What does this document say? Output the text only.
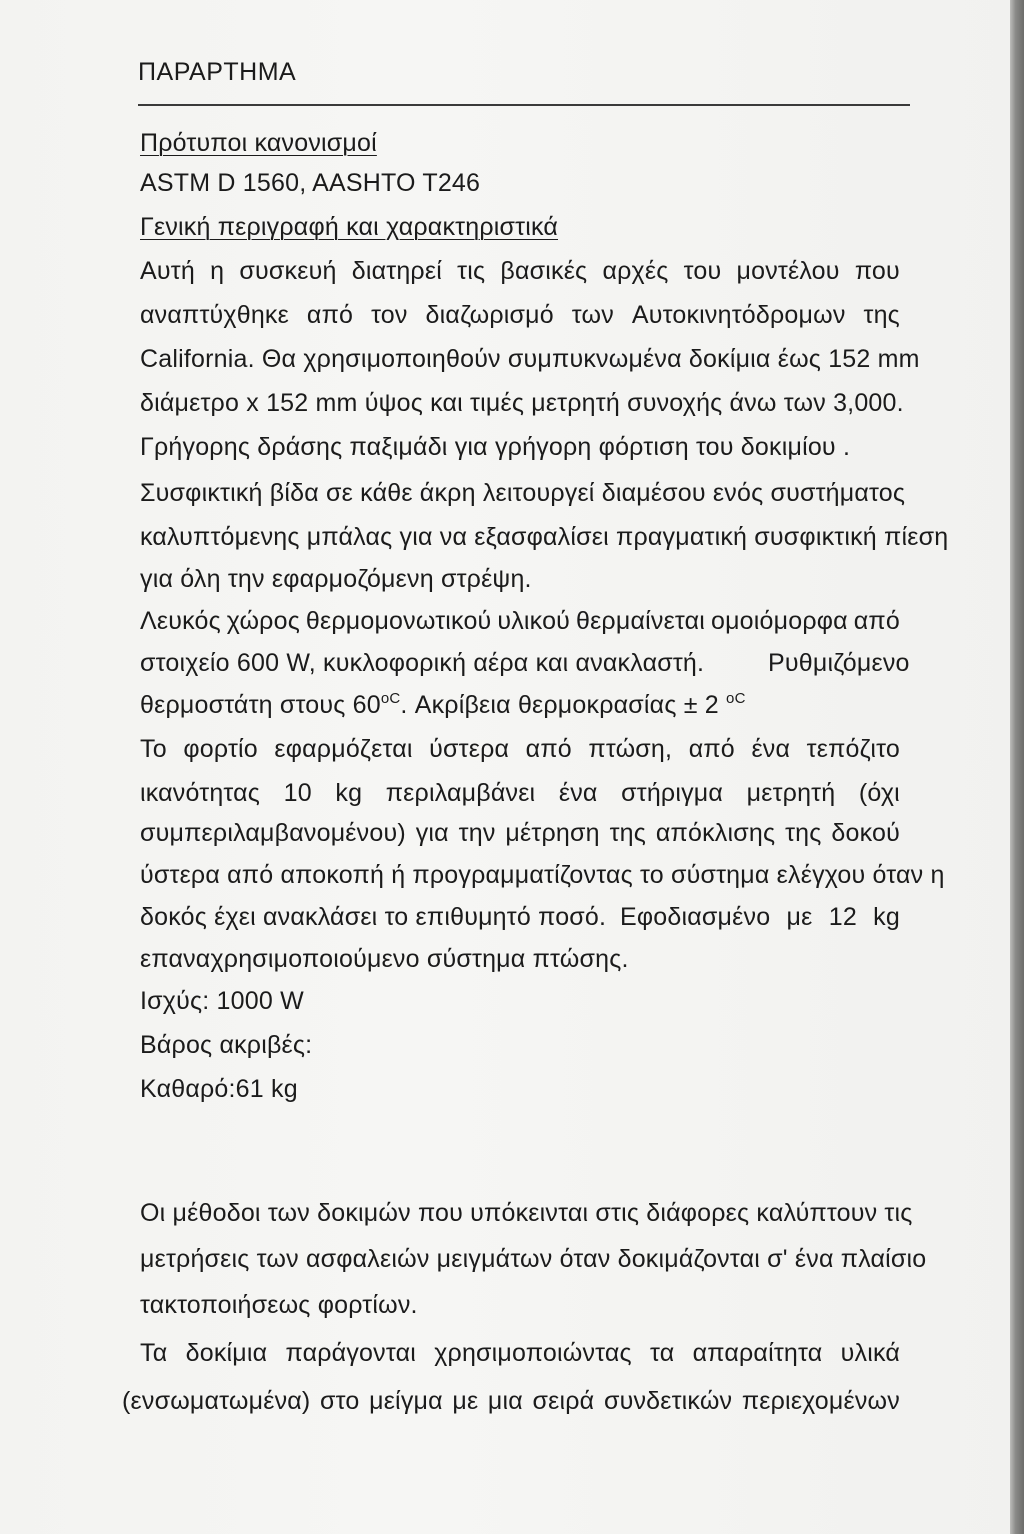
ΠΑΡΑΡΤΗΜΑ
Πρότυποι κανονισμοί
ASTM D 1560, AASHTO T246
Γενική περιγραφή και χαρακτηριστικά
Αυτή η συσκευή διατηρεί τις βασικές αρχές του μοντέλου που
αναπτύχθηκε από τον διαζωρισμό των Αυτοκινητόδρομων της
California. Θα χρησιμοποιηθούν συμπυκνωμένα δοκίμια έως 152 mm
διάμετρο x 152 mm ύψος και τιμές μετρητή συνοχής άνω των 3,000.
Γρήγορης δράσης παξιμάδι για γρήγορη φόρτιση του δοκιμίου .
Συσφικτική βίδα σε κάθε άκρη λειτουργεί διαμέσου ενός συστήματος
καλυπτόμενης μπάλας για να εξασφαλίσει πραγματική συσφικτική πίεση
για όλη την εφαρμοζόμενη στρέψη.
Λευκός χώρος θερμομονωτικού υλικού θερμαίνεται ομοιόμορφα από
στοιχείο 600 W, κυκλοφορική αέρα και ανακλαστή.	Ρυθμιζόμενο
θερμοστάτη στους $60^{oC}$. Ακρίβεια θερμοκρασίας ± 2 $^{oC}$
Το φορτίο εφαρμόζεται ύστερα από πτώση, από ένα τεπόζιτο
ικανότητας 10 kg περιλαμβάνει ένα στήριγμα μετρητή (όχι
συμπεριλαμβανομένου) για την μέτρηση της απόκλισης της δοκού
ύστερα από αποκοπή ή προγραμματίζοντας το σύστημα ελέγχου όταν η
δοκός έχει ανακλάσει το επιθυμητό ποσό. Εφοδιασμένο με 12 kg
επαναχρησιμοποιούμενο σύστημα πτώσης.
Ισχύς: 1000 W
Βάρος ακριβές:
Καθαρό:61 kg
Οι μέθοδοι των δοκιμών που υπόκεινται στις διάφορες καλύπτουν τις
μετρήσεις των ασφαλειών μειγμάτων όταν δοκιμάζονται σ' ένα πλαίσιο
τακτοποιήσεως φορτίων.
Τα δοκίμια παράγονται χρησιμοποιώντας τα απαραίτητα υλικά
(ενσωματωμένα) στο μείγμα με μια σειρά συνδετικών περιεχομένων
